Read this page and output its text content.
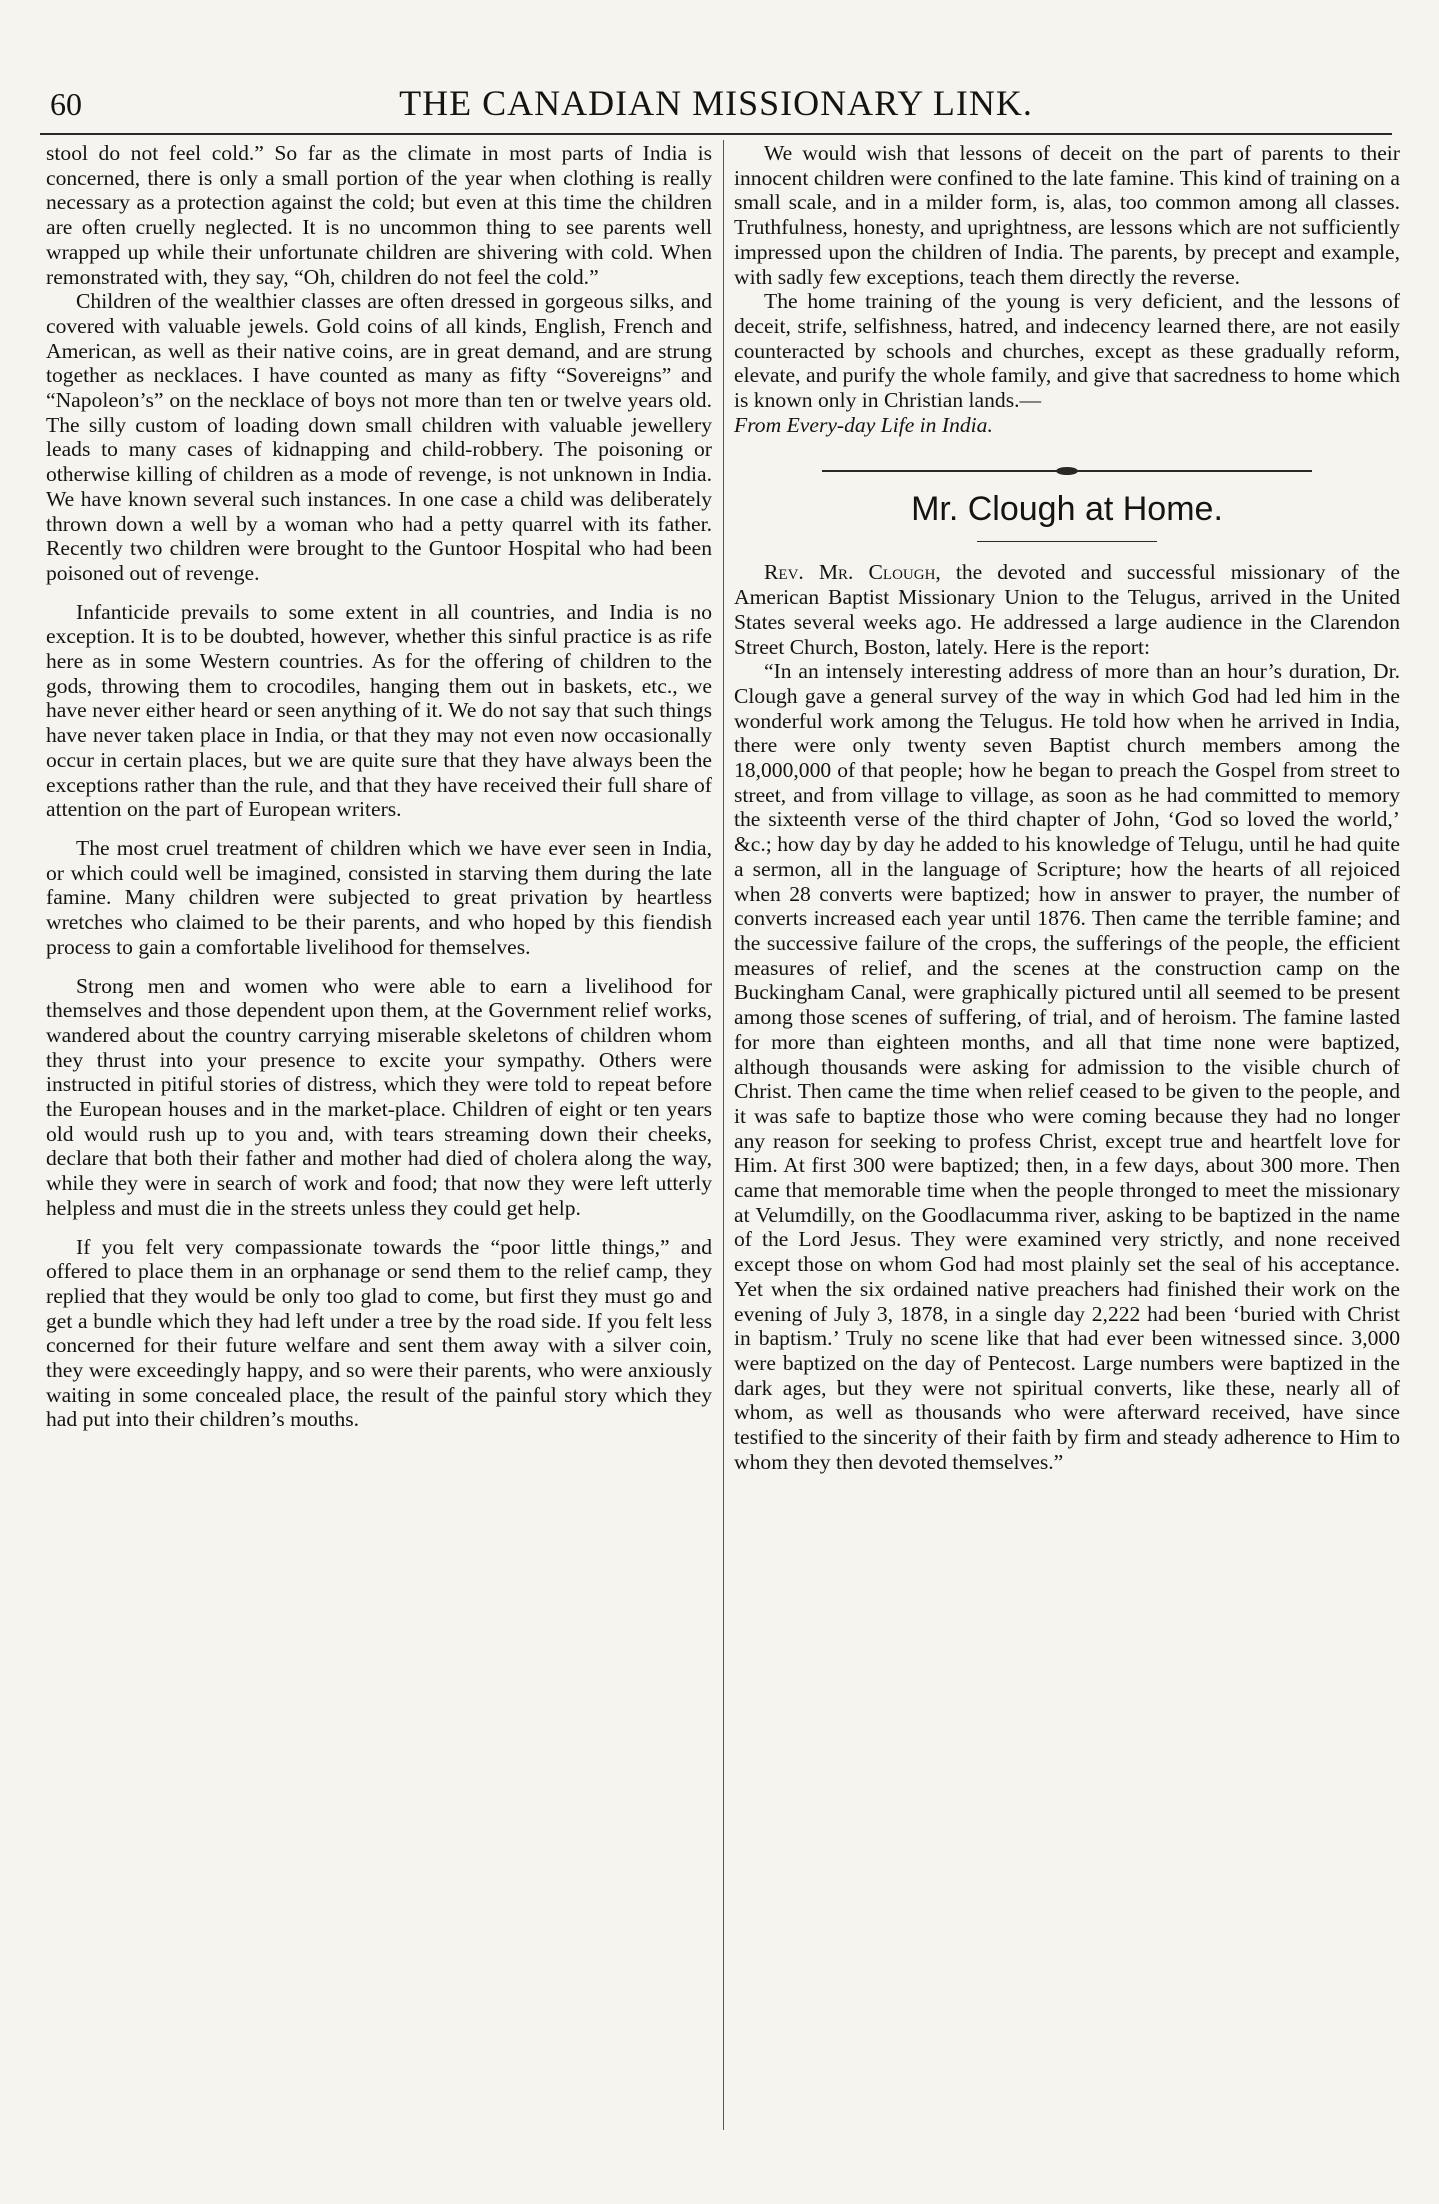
60	THE CANADIAN MISSIONARY LINK.

stool do not feel cold.” So far as the climate in most parts of India is concerned, there is only a small portion of the year when clothing is really necessary as a protection against the cold; but even at this time the children are often cruelly neglected. It is no uncommon thing to see parents well wrapped up while their unfortunate children are shivering with cold. When remonstrated with, they say, “Oh, children do not feel the cold.”

Children of the wealthier classes are often dressed in gorgeous silks, and covered with valuable jewels. Gold coins of all kinds, English, French and American, as well as their native coins, are in great demand, and are strung together as necklaces. I have counted as many as fifty “Sovereigns” and “Napoleon’s” on the necklace of boys not more than ten or twelve years old. The silly custom of loading down small children with valuable jewellery leads to many cases of kidnapping and child-robbery. The poisoning or otherwise killing of children as a mode of revenge, is not unknown in India. We have known several such instances. In one case a child was deliberately thrown down a well by a woman who had a petty quarrel with its father. Recently two children were brought to the Guntoor Hospital who had been poisoned out of revenge.

Infanticide prevails to some extent in all countries, and India is no exception. It is to be doubted, however, whether this sinful practice is as rife here as in some Western countries. As for the offering of children to the gods, throwing them to crocodiles, hanging them out in baskets, etc., we have never either heard or seen anything of it. We do not say that such things have never taken place in India, or that they may not even now occasionally occur in certain places, but we are quite sure that they have always been the exceptions rather than the rule, and that they have received their full share of attention on the part of European writers.

The most cruel treatment of children which we have ever seen in India, or which could well be imagined, consisted in starving them during the late famine. Many children were subjected to great privation by heartless wretches who claimed to be their parents, and who hoped by this fiendish process to gain a comfortable livelihood for themselves.

Strong men and women who were able to earn a livelihood for themselves and those dependent upon them, at the Government relief works, wandered about the country carrying miserable skeletons of children whom they thrust into your presence to excite your sympathy. Others were instructed in pitiful stories of distress, which they were told to repeat before the European houses and in the market-place. Children of eight or ten years old would rush up to you and, with tears streaming down their cheeks, declare that both their father and mother had died of cholera along the way, while they were in search of work and food; that now they were left utterly helpless and must die in the streets unless they could get help.

If you felt very compassionate towards the “poor little things,” and offered to place them in an orphanage or send them to the relief camp, they replied that they would be only too glad to come, but first they must go and get a bundle which they had left under a tree by the road side. If you felt less concerned for their future welfare and sent them away with a silver coin, they were exceedingly happy, and so were their parents, who were anxiously waiting in some concealed place, the result of the painful story which they had put into their children’s mouths.

We would wish that lessons of deceit on the part of parents to their innocent children were confined to the late famine. This kind of training on a small scale, and in a milder form, is, alas, too common among all classes. Truthfulness, honesty, and uprightness, are lessons which are not sufficiently impressed upon the children of India. The parents, by precept and example, with sadly few exceptions, teach them directly the reverse.

The home training of the young is very deficient, and the lessons of deceit, strife, selfishness, hatred, and indecency learned there, are not easily counteracted by schools and churches, except as these gradually reform, elevate, and purify the whole family, and give that sacredness to home which is known only in Christian lands.—

From Every-day Life in India.

Mr. Clough at Home.

Rev. Mr. Clough, the devoted and successful missionary of the American Baptist Missionary Union to the Telugus, arrived in the United States several weeks ago. He addressed a large audience in the Clarendon Street Church, Boston, lately. Here is the report:

“In an intensely interesting address of more than an hour’s duration, Dr. Clough gave a general survey of the way in which God had led him in the wonderful work among the Telugus. He told how when he arrived in India, there were only twenty seven Baptist church members among the 18,000,000 of that people; how he began to preach the Gospel from street to street, and from village to village, as soon as he had committed to memory the sixteenth verse of the third chapter of John, ‘God so loved the world,’ &c.; how day by day he added to his knowledge of Telugu, until he had quite a sermon, all in the language of Scripture; how the hearts of all rejoiced when 28 converts were baptized; how in answer to prayer, the number of converts increased each year until 1876. Then came the terrible famine; and the successive failure of the crops, the sufferings of the people, the efficient measures of relief, and the scenes at the construction camp on the Buckingham Canal, were graphically pictured until all seemed to be present among those scenes of suffering, of trial, and of heroism. The famine lasted for more than eighteen months, and all that time none were baptized, although thousands were asking for admission to the visible church of Christ. Then came the time when relief ceased to be given to the people, and it was safe to baptize those who were coming because they had no longer any reason for seeking to profess Christ, except true and heartfelt love for Him. At first 300 were baptized; then, in a few days, about 300 more. Then came that memorable time when the people thronged to meet the missionary at Velumdilly, on the Goodlacumma river, asking to be baptized in the name of the Lord Jesus. They were examined very strictly, and none received except those on whom God had most plainly set the seal of his acceptance. Yet when the six ordained native preachers had finished their work on the evening of July 3, 1878, in a single day 2,222 had been ‘buried with Christ in baptism.’ Truly no scene like that had ever been witnessed since. 3,000 were baptized on the day of Pentecost. Large numbers were baptized in the dark ages, but they were not spiritual converts, like these, nearly all of whom, as well as thousands who were afterward received, have since testified to the sincerity of their faith by firm and steady adherence to Him to whom they then devoted themselves.”
